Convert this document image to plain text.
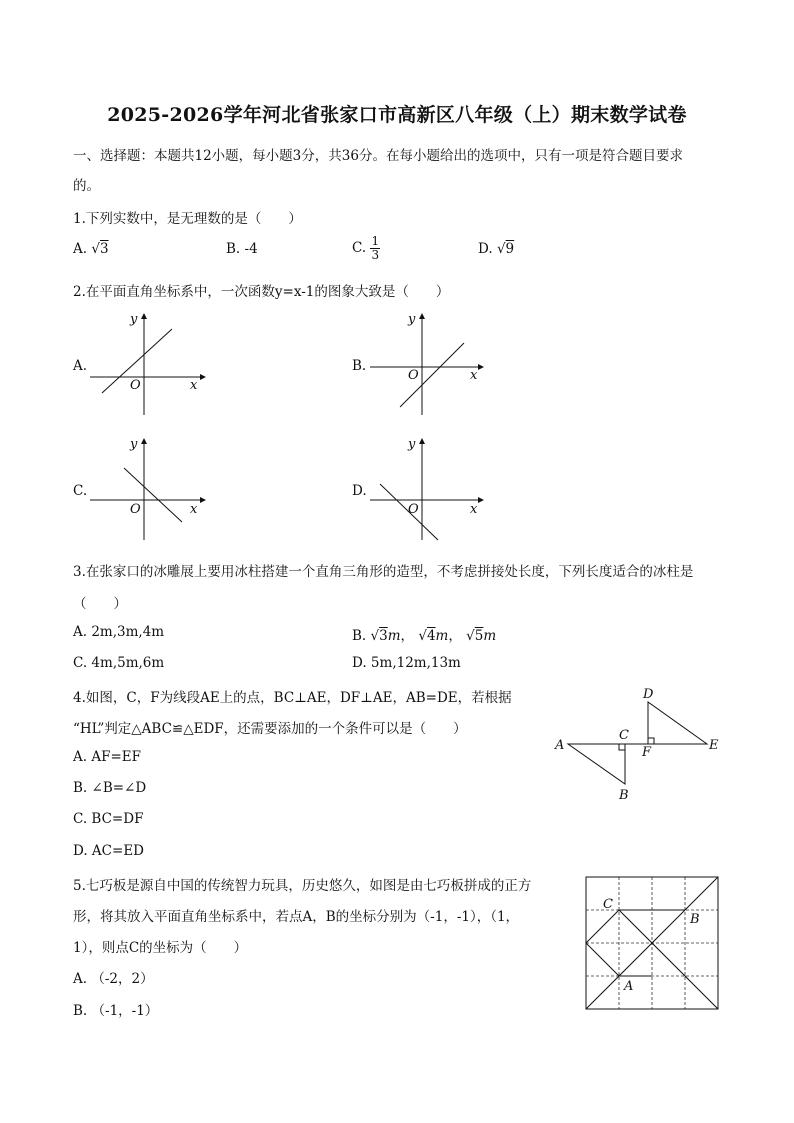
2025-2026学年河北省张家口市高新区八年级（上）期末数学试卷
一、选择题：本题共12小题，每小题3分，共36分。在每小题给出的选项中，只有一项是符合题目要求
的。
1.下列实数中，是无理数的是（　　）
A. √3	B. -4	C. $\frac{1}{3}$	D. √9
2.在平面直角坐标系中，一次函数y=x-1的图象大致是（　　）
A.
y
O	x
B.
y
O	x
C.
y
O	x
D.
y
O	x
3.在张家口的冰雕展上要用冰柱搭建一个直角三角形的造型，不考虑拼接处长度，下列长度适合的冰柱是
（　　）
A. 2m,3m,4m	B. √3m， √4m， √5m
C. 4m,5m,6m	D. 5m,12m,13m
4.如图，C，F为线段AE上的点，BC⊥AE，DF⊥AE，AB=DE，若根据
“HL”判定△ABC≌△EDF，还需要添加的一个条件可以是（　　）
A. AF=EF
B. ∠B=∠D
C. BC=DF
D. AC=ED
A
B
C
D
E
F
5.七巧板是源自中国的传统智力玩具，历史悠久，如图是由七巧板拼成的正方
形，将其放入平面直角坐标系中，若点A，B的坐标分别为（-1，-1），（1，
1），则点C的坐标为（　　）
A. （-2，2）
B. （-1，-1）
C
B
A
